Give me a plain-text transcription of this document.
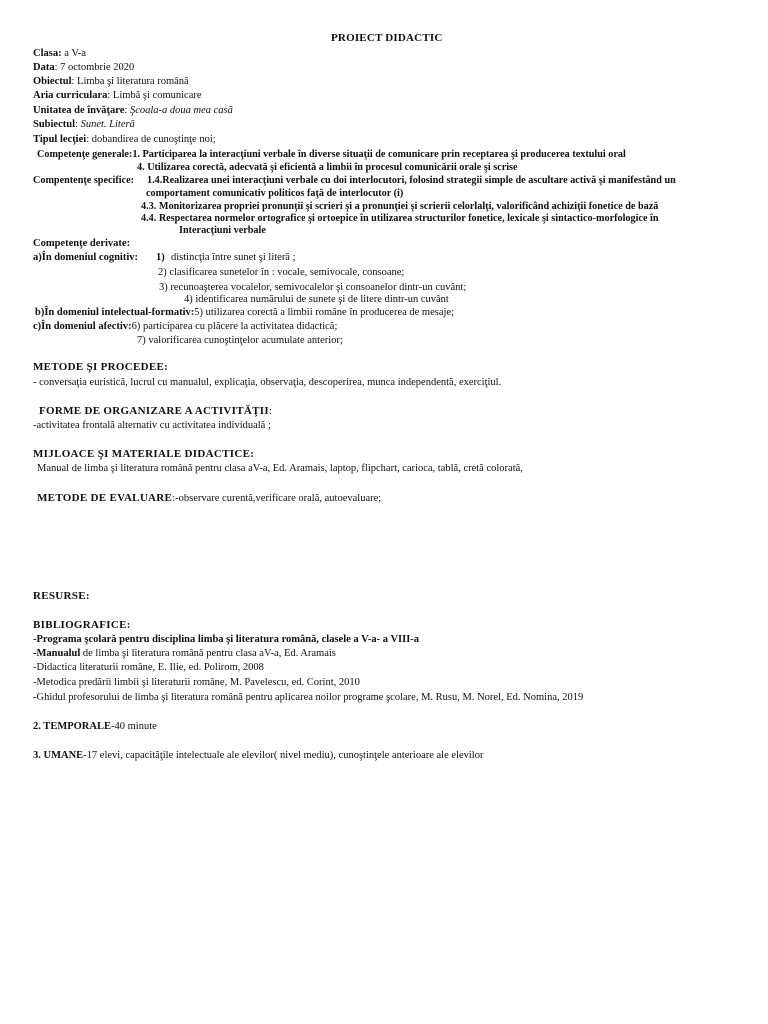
PROIECT DIDACTIC
Clasa: a V-a
Data: 7 octombrie 2020
Obiectul: Limba şi literatura română
Aria curriculara: Limbă şi comunicare
Unitatea de învăţare: Şcoala-a doua mea casă
Subiectul: Sunet. Literă
Tipul lecţiei: dobandirea de cunoştinţe noi;
Competenţe generale:1. Participarea la interacţiuni verbale în diverse situaţii de comunicare prin receptarea şi producerea textului oral
4. Utilizarea corectă, adecvată şi eficientă a limbii în procesul comunicării orale şi scrise
Compentenţe specifice: 1.4.Realizarea unei interacţiuni verbale cu doi interlocutori, folosind strategii simple de ascultare activă şi manifestând un
comportament comunicativ politicos faţă de interlocutor (i)
4.3. Monitorizarea propriei pronunţii şi scrieri şi a pronunţiei şi scrierii celorlalţi, valorificând achiziţii fonetice de bază
4.4. Respectarea normelor ortografice şi ortoepice în utilizarea structurilor fonetice, lexicale şi sintactico-morfologice în
Interacţiuni verbale
Competenţe derivate:
a)În domeniul cognitiv: 1) distincţia între sunet şi literă ;
2) clasificarea sunetelor în : vocale, semivocale, consoane;
3) recunoaşterea vocalelor, semivocalelor şi consoanelor dintr-un cuvânt;
4) identificarea numărului de sunete şi de litere dintr-un cuvânt
b)În domeniul intelectual-formativ:5) utilizarea corectă a limbii române în producerea de mesaje;
c)În domeniul afectiv:6) participarea cu plăcere la activitatea didactică;
7) valorificarea cunoştinţelor acumulate anterior;
METODE ŞI PROCEDEE:
- conversaţia euristică, lucrul cu manualul, explicaţia, observaţia, descoperirea, munca independentă, exerciţiul.
FORME DE ORGANIZARE A ACTIVITĂŢII:
-activitatea frontală alternativ cu activitatea individuală ;
MIJLOACE ŞI MATERIALE DIDACTICE:
Manual de limba şi literatura română pentru clasa aV-a, Ed. Aramais, laptop, flipchart, carioca, tablă, cretă colorată,
METODE DE EVALUARE:-observare curentă,verificare orală, autoevaluare;
RESURSE:
BIBLIOGRAFICE:
-Programa şcolară pentru disciplina limba şi literatura română, clasele a V-a- a VIII-a
-Manualul de limba şi literatura română pentru clasa aV-a, Ed. Aramais
-Didactica literaturii române, E. Ilie, ed. Polirom, 2008
-Metodica predării limbii şi literaturii române, M. Pavelescu, ed. Corint, 2010
-Ghidul profesorului de limba şi literatura română pentru aplicarea noilor programe şcolare, M. Rusu, M. Norel, Ed. Nomina, 2019
2. TEMPORALE-40 minute
3. UMANE-17 elevi, capacităţile intelectuale ale elevilor( nivel mediu), cunoştinţele anterioare ale elevilor
